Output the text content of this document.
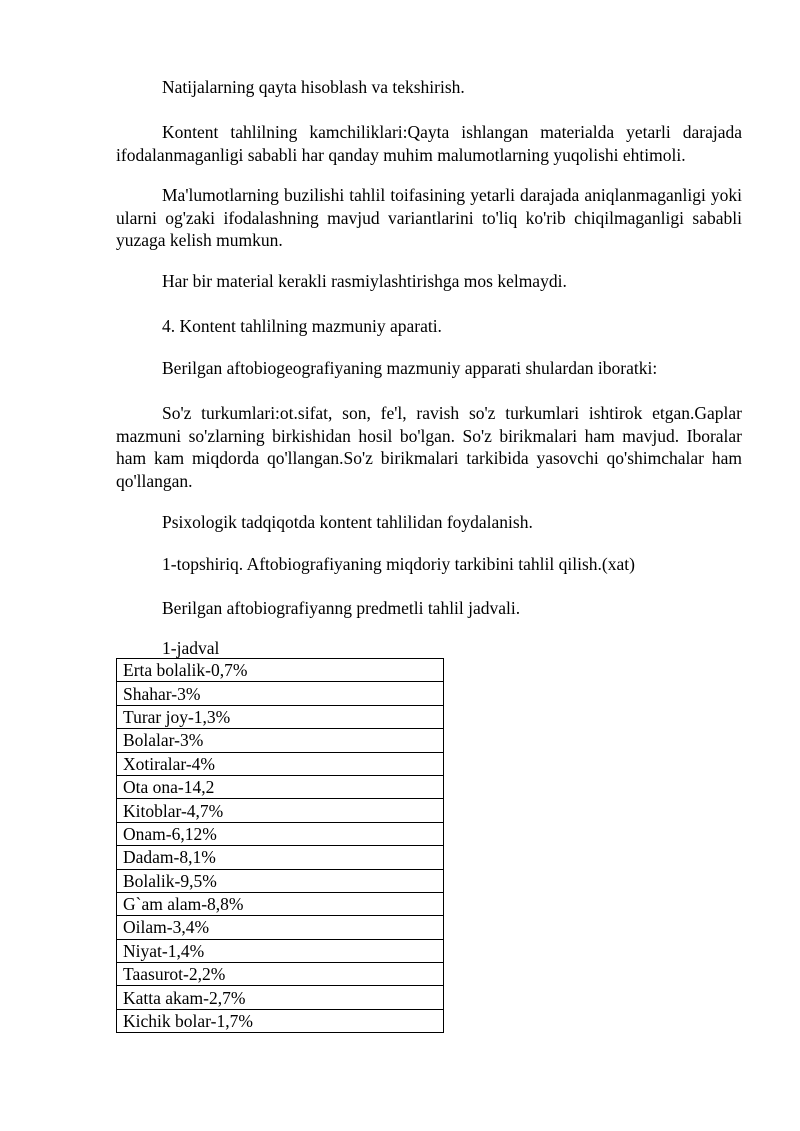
Natijalarning qayta hisoblash va tekshirish.

Kontent tahlilning kamchiliklari:Qayta ishlangan materialda yetarli darajada ifodalanmaganligi sababli har qanday muhim malumotlarning yuqolishi ehtimoli.

Ma'lumotlarning buzilishi tahlil toifasining yetarli darajada aniqlanmaganligi yoki ularni og'zaki ifodalashning mavjud variantlarini to'liq ko'rib chiqilmaganligi sababli yuzaga kelish mumkun.

Har bir material kerakli rasmiylashtirishga mos kelmaydi.

4. Kontent tahlilning mazmuniy aparati.

Berilgan aftobiogeografiyaning mazmuniy apparati shulardan iboratki:

So'z turkumlari:ot.sifat, son, fe'l, ravish so'z turkumlari ishtirok etgan.Gaplar mazmuni so'zlarning birkishidan hosil bo'lgan. So'z birikmalari ham mavjud. Iboralar ham kam miqdorda qo'llangan.So'z birikmalari tarkibida yasovchi qo'shimchalar ham qo'llangan.

Psixologik tadqiqotda kontent tahlilidan foydalanish.

1-topshiriq. Aftobiografiyaning miqdoriy tarkibini tahlil qilish.(xat)

Berilgan aftobiografiyanng predmetli tahlil jadvali.

1-jadval

Erta bolalik-0,7%
Shahar-3%
Turar joy-1,3%
Bolalar-3%
Xotiralar-4%
Ota ona-14,2
Kitoblar-4,7%
Onam-6,12%
Dadam-8,1%
Bolalik-9,5%
G`am alam-8,8%
Oilam-3,4%
Niyat-1,4%
Taasurot-2,2%
Katta akam-2,7%
Kichik bolar-1,7%
